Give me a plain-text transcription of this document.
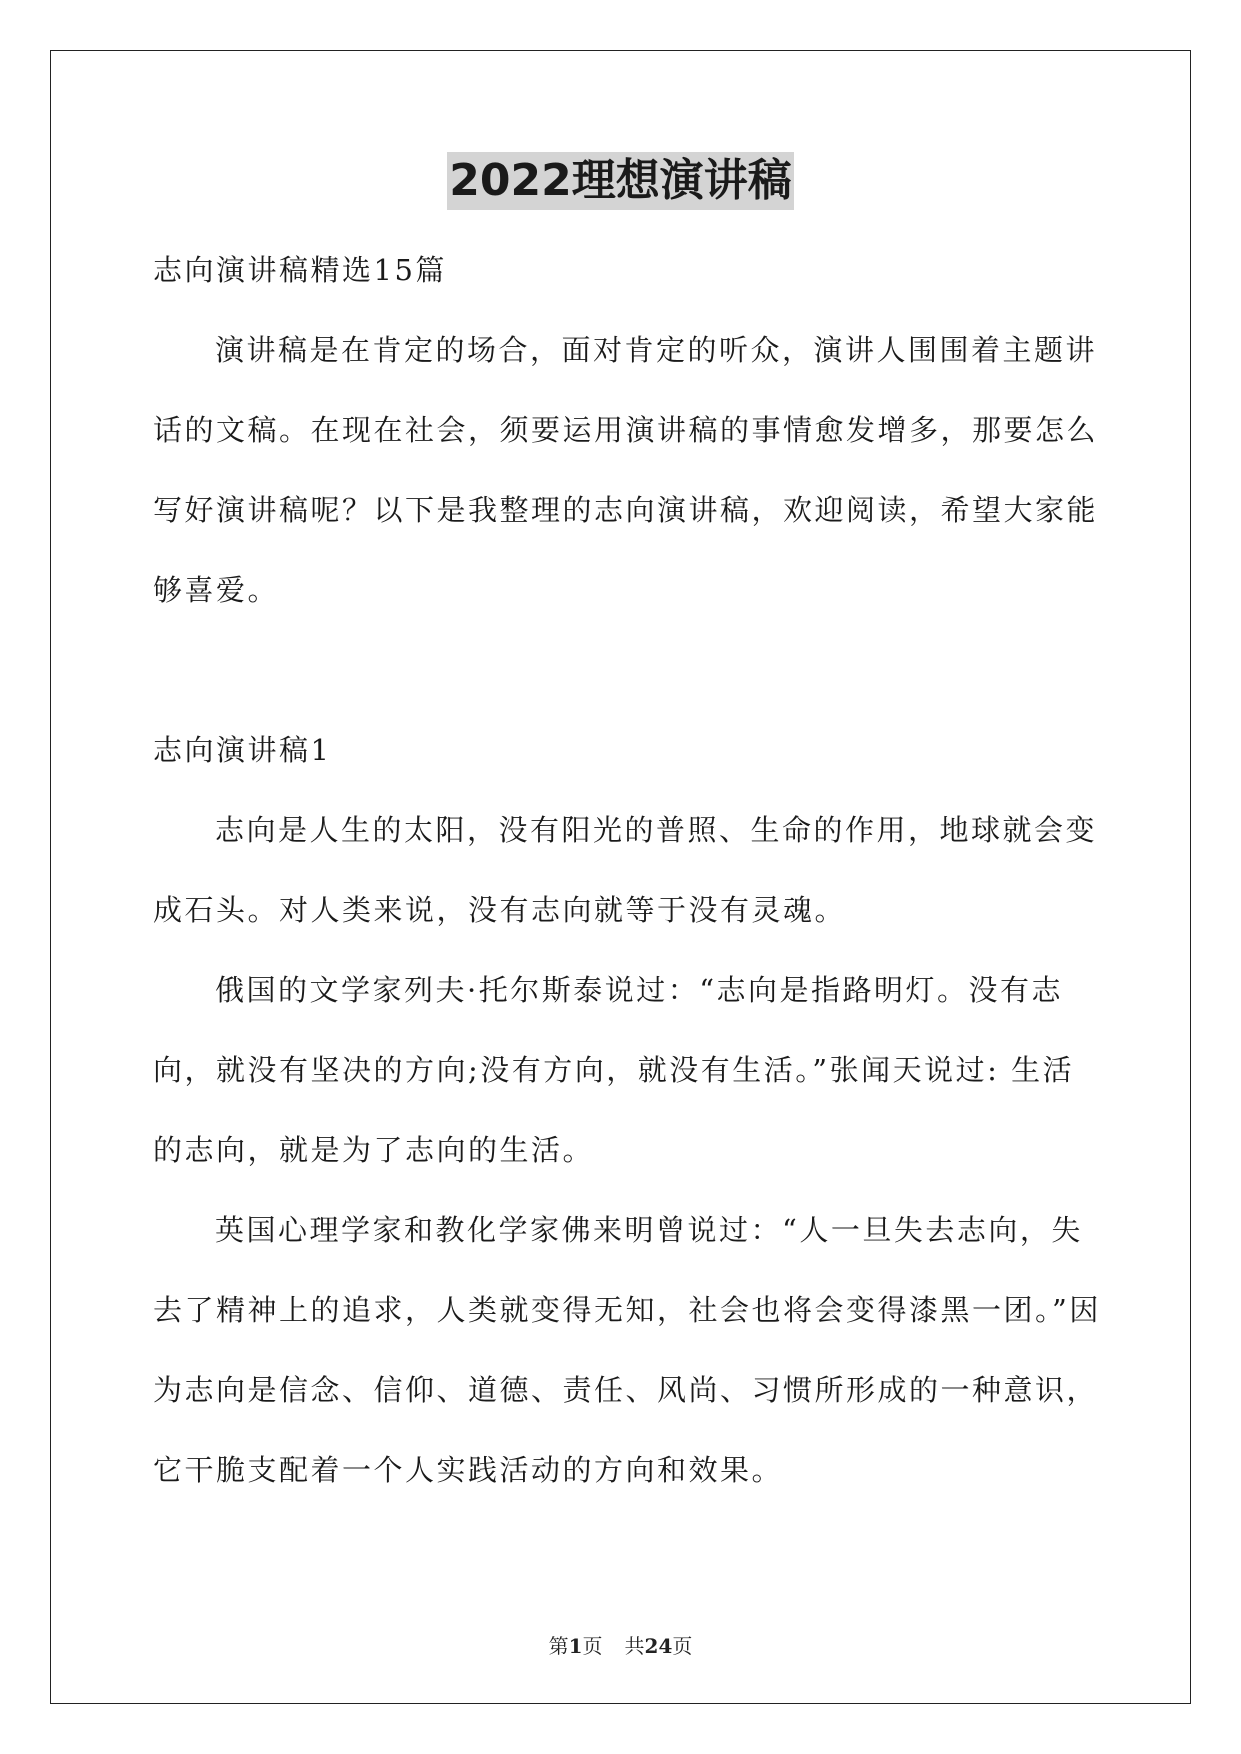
2022理想演讲稿

志向演讲稿精选15篇

演讲稿是在肯定的场合，面对肯定的听众，演讲人围围着主题讲话的文稿。在现在社会，须要运用演讲稿的事情愈发增多，那要怎么写好演讲稿呢？以下是我整理的志向演讲稿，欢迎阅读，希望大家能够喜爱。

志向演讲稿1

志向是人生的太阳，没有阳光的普照、生命的作用，地球就会变成石头。对人类来说，没有志向就等于没有灵魂。

俄国的文学家列夫·托尔斯泰说过：“志向是指路明灯。没有志向，就没有坚决的方向;没有方向，就没有生活。”张闻天说过: 生活的志向，就是为了志向的生活。

英国心理学家和教化学家佛来明曾说过：“人一旦失去志向，失去了精神上的追求，人类就变得无知，社会也将会变得漆黑一团。”因为志向是信念、信仰、道德、责任、风尚、习惯所形成的一种意识，它干脆支配着一个人实践活动的方向和效果。

第1页 共24页
